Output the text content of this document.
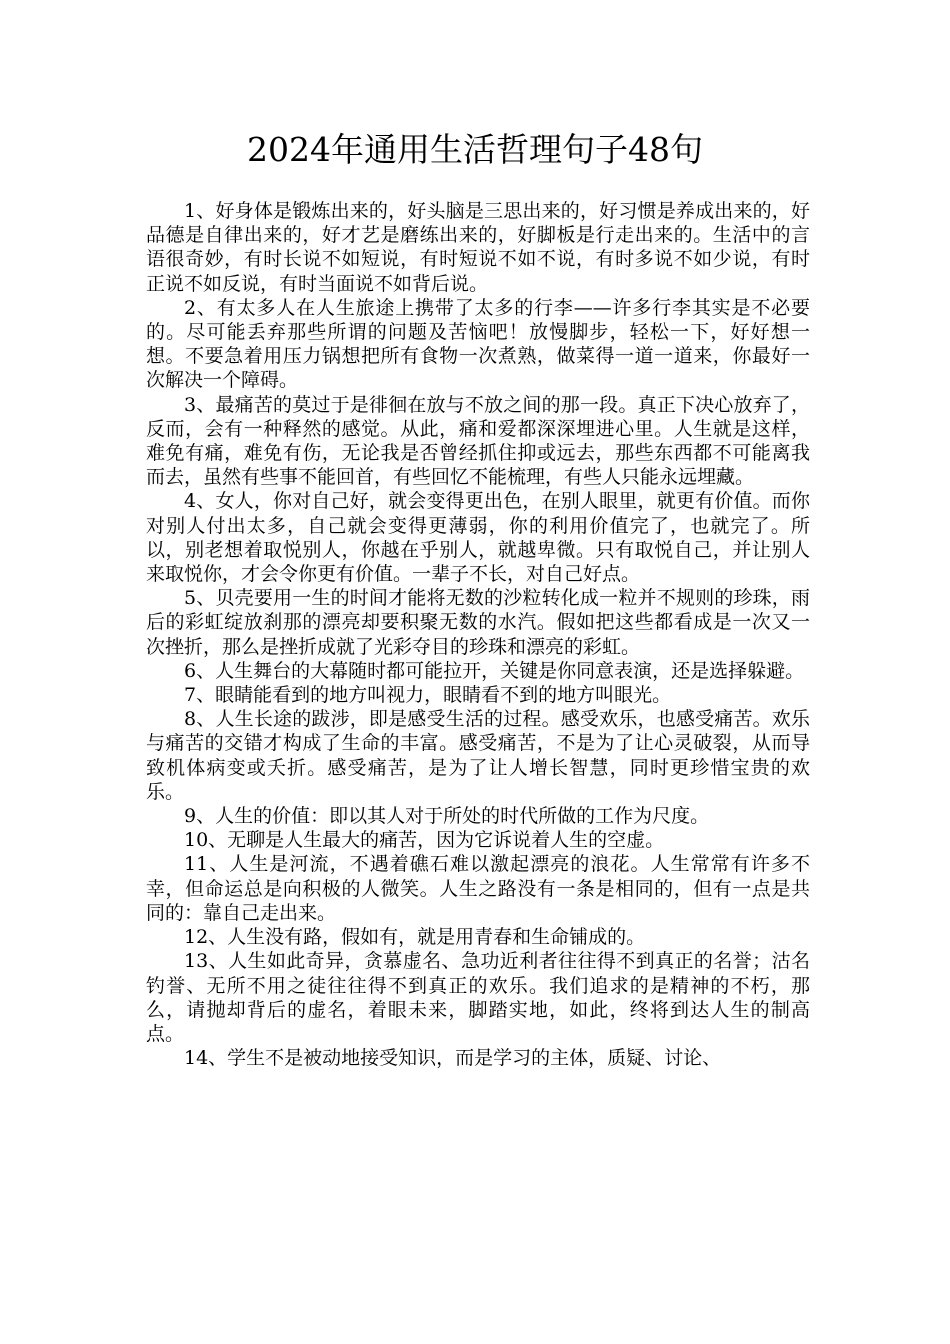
2024年通用生活哲理句子48句

1、好身体是锻炼出来的，好头脑是三思出来的，好习惯是养成出来的，好品德是自律出来的，好才艺是磨练出来的，好脚板是行走出来的。生活中的言语很奇妙，有时长说不如短说，有时短说不如不说，有时多说不如少说，有时正说不如反说，有时当面说不如背后说。

2、有太多人在人生旅途上携带了太多的行李——许多行李其实是不必要的。尽可能丢弃那些所谓的问题及苦恼吧！放慢脚步，轻松一下，好好想一想。不要急着用压力锅想把所有食物一次煮熟，做菜得一道一道来，你最好一次解决一个障碍。

3、最痛苦的莫过于是徘徊在放与不放之间的那一段。真正下决心放弃了，反而，会有一种释然的感觉。从此，痛和爱都深深埋进心里。人生就是这样，难免有痛，难免有伤，无论我是否曾经抓住抑或远去，那些东西都不可能离我而去，虽然有些事不能回首，有些回忆不能梳理，有些人只能永远埋藏。

4、女人，你对自己好，就会变得更出色，在别人眼里，就更有价值。而你对别人付出太多，自己就会变得更薄弱，你的利用价值完了，也就完了。所以，别老想着取悦别人，你越在乎别人，就越卑微。只有取悦自己，并让别人来取悦你，才会令你更有价值。一辈子不长，对自己好点。

5、贝壳要用一生的时间才能将无数的沙粒转化成一粒并不规则的珍珠，雨后的彩虹绽放刹那的漂亮却要积聚无数的水汽。假如把这些都看成是一次又一次挫折，那么是挫折成就了光彩夺目的珍珠和漂亮的彩虹。

6、人生舞台的大幕随时都可能拉开，关键是你同意表演，还是选择躲避。

7、眼睛能看到的地方叫视力，眼睛看不到的地方叫眼光。

8、人生长途的跋涉，即是感受生活的过程。感受欢乐，也感受痛苦。欢乐与痛苦的交错才构成了生命的丰富。感受痛苦，不是为了让心灵破裂，从而导致机体病变或夭折。感受痛苦，是为了让人增长智慧，同时更珍惜宝贵的欢乐。

9、人生的价值：即以其人对于所处的时代所做的工作为尺度。

10、无聊是人生最大的痛苦，因为它诉说着人生的空虚。

11、人生是河流，不遇着礁石难以激起漂亮的浪花。人生常常有许多不幸，但命运总是向积极的人微笑。人生之路没有一条是相同的，但有一点是共同的：靠自己走出来。

12、人生没有路，假如有，就是用青春和生命铺成的。

13、人生如此奇异，贪慕虚名、急功近利者往往得不到真正的名誉；沽名钓誉、无所不用之徒往往得不到真正的欢乐。我们追求的是精神的不朽，那么，请抛却背后的虚名，着眼未来，脚踏实地，如此，终将到达人生的制高点。

14、学生不是被动地接受知识，而是学习的主体，质疑、讨论、
